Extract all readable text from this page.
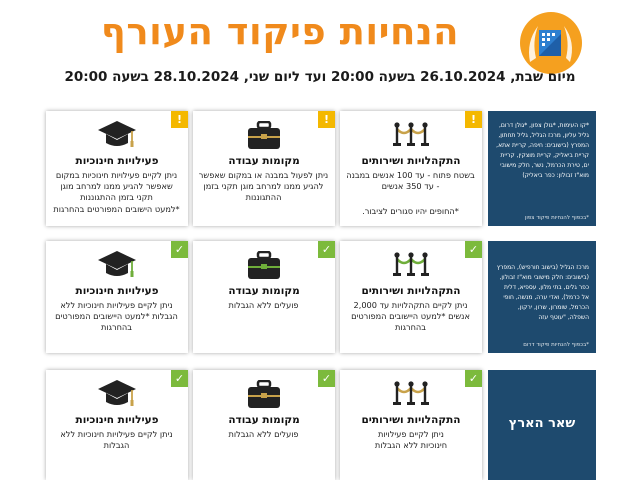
הנחיות פיקוד העורף
מיום שבת, 26.10.2024 בשעה 20:00 ועד ליום שני, 28.10.2024 בשעה 20:00
*קו העימות, *גולן צפון, *גולן דרום, גליל עליון, מרכז הגליל, גליל תחתון, המפרץ (בישובים: חיפה, קריית אתא, קריית ביאליק, קריית מוצקין, קריית ים, טירת הכרמל, נשר, חלק מישובי מוא"ז זבולון: כפר ביאליק)
*בכפוף להנחיות פיקוד צפון
!
התקהלויות ושירותים
בשטח פתוח - עד 100 אנשים במבנה - עד 350 אנשים
*החופים יהיו סגורים לציבור.
!
מקומות עבודה
ניתן לפעול במבנה או במקום שאפשר להגיע ממנו למרחב מוגן תקני בזמן ההתגוננות
!
פעילויות חינוכיות
ניתן לקיים פעילויות חינוכיות במקום שאפשר להגיע ממנו למרחב מוגן תקני בזמן ההתגוננות
*למעט הישובים המפורטים בהחרגות
מרכז הגליל (בישוב חורפיש), המפרץ (בישובים: חלק מישובי מוא"ז זבולון, כפר גלים, בתי מלון, עספיא, דלית אל כרמל), ואדי ערה, מנשה, חופי הכרמל, שומרון, שרון, ירקון, השפלה, "עוטף עזה
*בכפוף להנחיות פיקוד דרום
✓
התקהלויות ושירותים
ניתן לקיים התקהלויות עד 2,000 אנשים *למעט היישובים המפורטים בהחרגות
✓
מקומות עבודה
פועלים ללא הגבלות
✓
פעילויות חינוכיות
ניתן לקיים פעילויות חינוכיות ללא הגבלות *למעט היישובים המפורטים בהחרגות
שאר הארץ
✓
התקהלויות ושירותים
ניתן לקיים פעילויות חינוכיות ללא הגבלות
✓
מקומות עבודה
פועלים ללא הגבלות
✓
פעילויות חינוכיות
ניתן לקיים פעילויות חינוכיות ללא הגבלות
